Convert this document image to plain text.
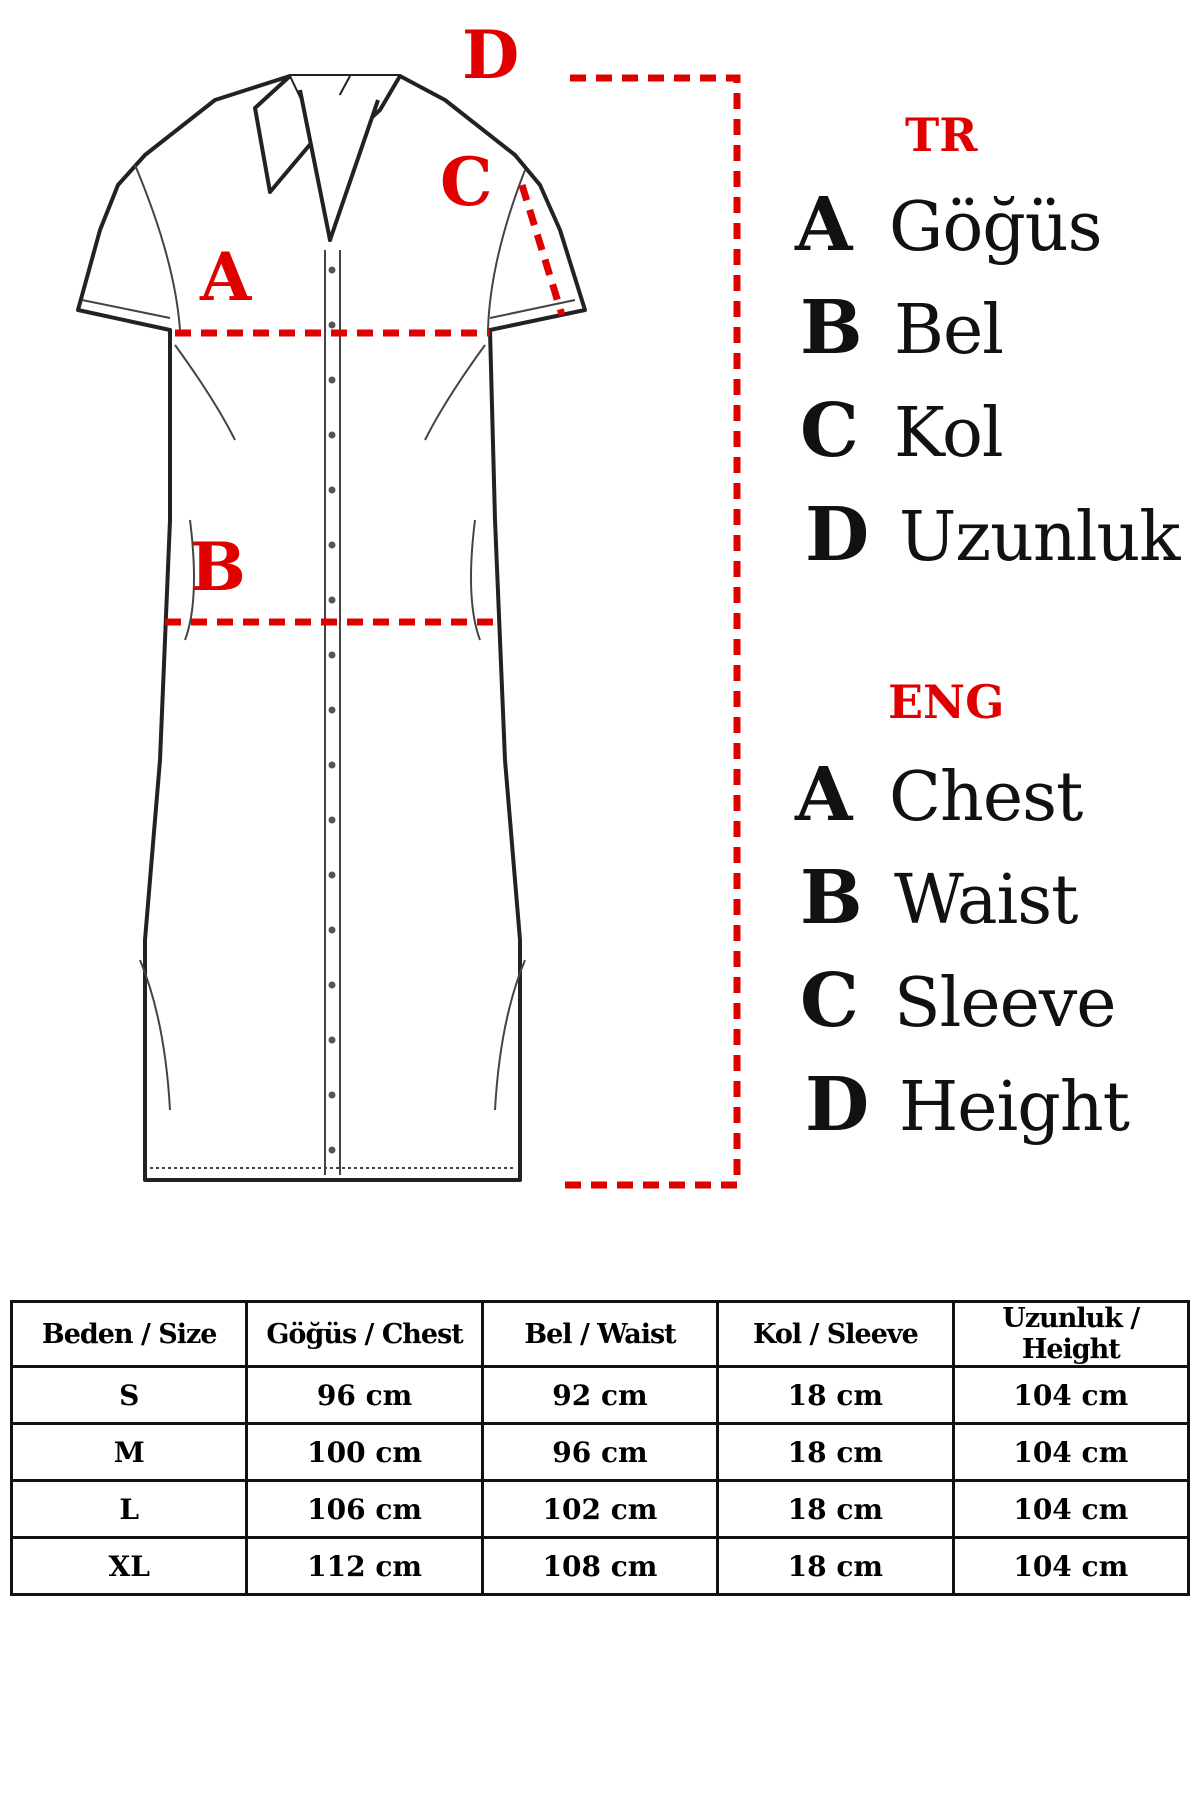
A
B
C
D
TR
A Göğüs
B Bel
C Kol
D Uzunluk
ENG
A Chest
B Waist
C Sleeve
D Height
Beden / Size	Göğüs / Chest	Bel / Waist	Kol / Sleeve	Uzunluk / Height
S	96 cm	92 cm	18 cm	104 cm
M	100 cm	96 cm	18 cm	104 cm
L	106 cm	102 cm	18 cm	104 cm
XL	112 cm	108 cm	18 cm	104 cm
